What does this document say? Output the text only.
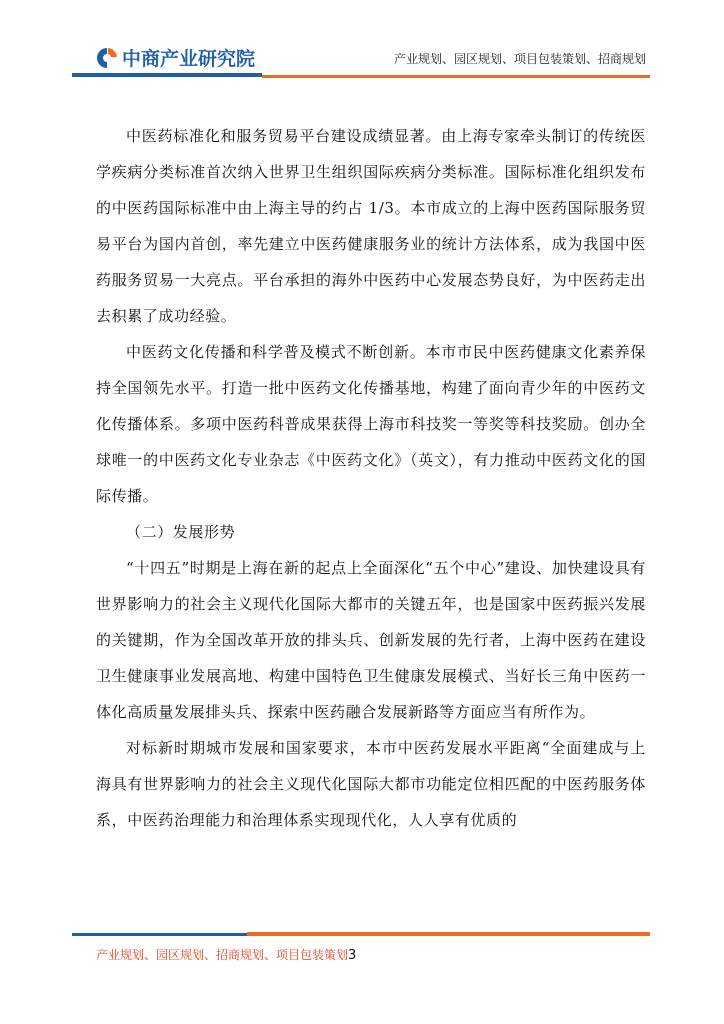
中商产业研究院	产业规划、园区规划、项目包装策划、招商规划

中医药标准化和服务贸易平台建设成绩显著。由上海专家牵头制订的传统医学疾病分类标准首次纳入世界卫生组织国际疾病分类标准。国际标准化组织发布的中医药国际标准中由上海主导的约占 1/3。本市成立的上海中医药国际服务贸易平台为国内首创，率先建立中医药健康服务业的统计方法体系，成为我国中医药服务贸易一大亮点。平台承担的海外中医药中心发展态势良好，为中医药走出去积累了成功经验。

中医药文化传播和科学普及模式不断创新。本市市民中医药健康文化素养保持全国领先水平。打造一批中医药文化传播基地，构建了面向青少年的中医药文化传播体系。多项中医药科普成果获得上海市科技奖一等奖等科技奖励。创办全球唯一的中医药文化专业杂志《中医药文化》（英文），有力推动中医药文化的国际传播。

（二）发展形势

“十四五”时期是上海在新的起点上全面深化“五个中心”建设、加快建设具有世界影响力的社会主义现代化国际大都市的关键五年，也是国家中医药振兴发展的关键期，作为全国改革开放的排头兵、创新发展的先行者，上海中医药在建设卫生健康事业发展高地、构建中国特色卫生健康发展模式、当好长三角中医药一体化高质量发展排头兵、探索中医药融合发展新路等方面应当有所作为。

对标新时期城市发展和国家要求，本市中医药发展水平距离“全面建成与上海具有世界影响力的社会主义现代化国际大都市功能定位相匹配的中医药服务体系，中医药治理能力和治理体系实现现代化，人人享有优质的

产业规划、园区规划、招商规划、项目包装策划3
